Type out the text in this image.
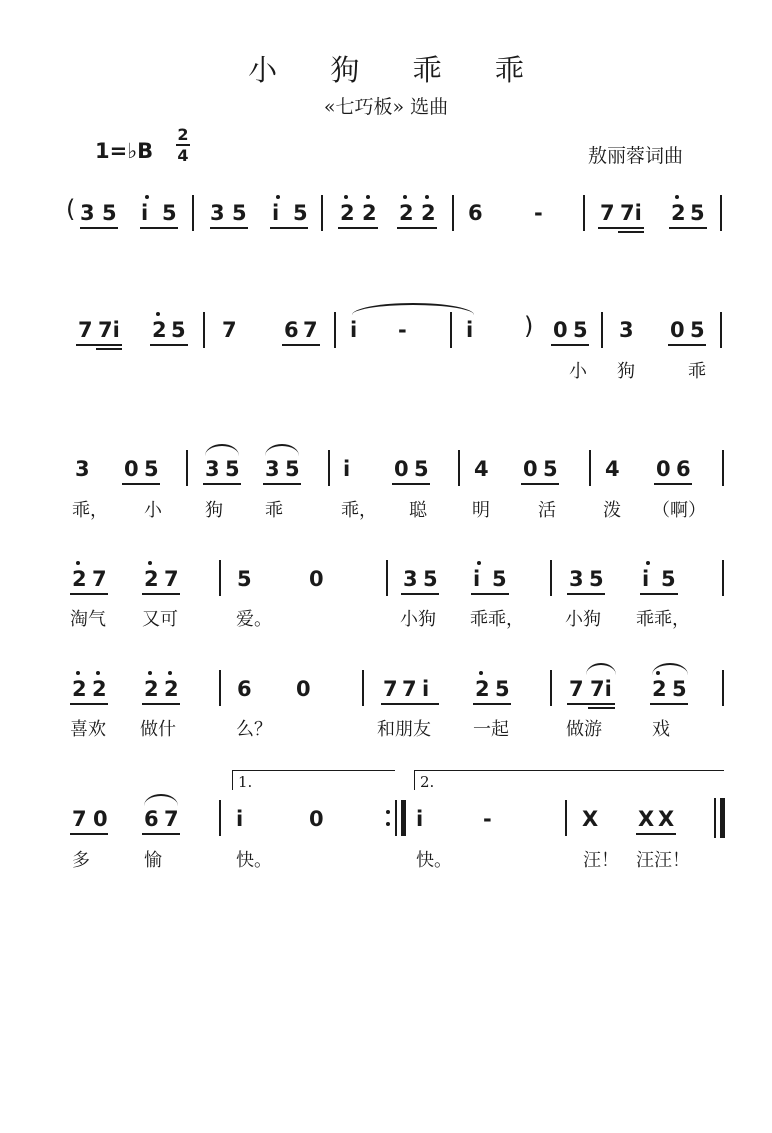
小 狗 乖 乖
«七巧板» 选曲
1=♭B
2
4	敖丽蓉词曲
( 3 5 i 5 3 5 i 5 2 2 2 2 6 -	7 7i 2 5
7 7i 2 5 7 6 7 i -	i ) 0 5 3 0 5
小 狗	乖
3 0 5 3 5 3 5 i 0 5 4 0 5 4 0 6
乖， 小 狗 乖	乖， 聪	明	活	泼 （啊）
2 7 2 7	5	0	3 5 i 5	3 5 i 5
淘气 又可	爱。	小狗 乖乖， 小狗 乖乖，
2 2 2 2	6 0	7 7 i 2 5	7 7i 2 5
喜欢 做什	么？	和朋友 一起	做游	戏
1.	2.
7 0 6 7	i	0	i	-	X X X
多	愉	快。	快。	汪！ 汪汪！
